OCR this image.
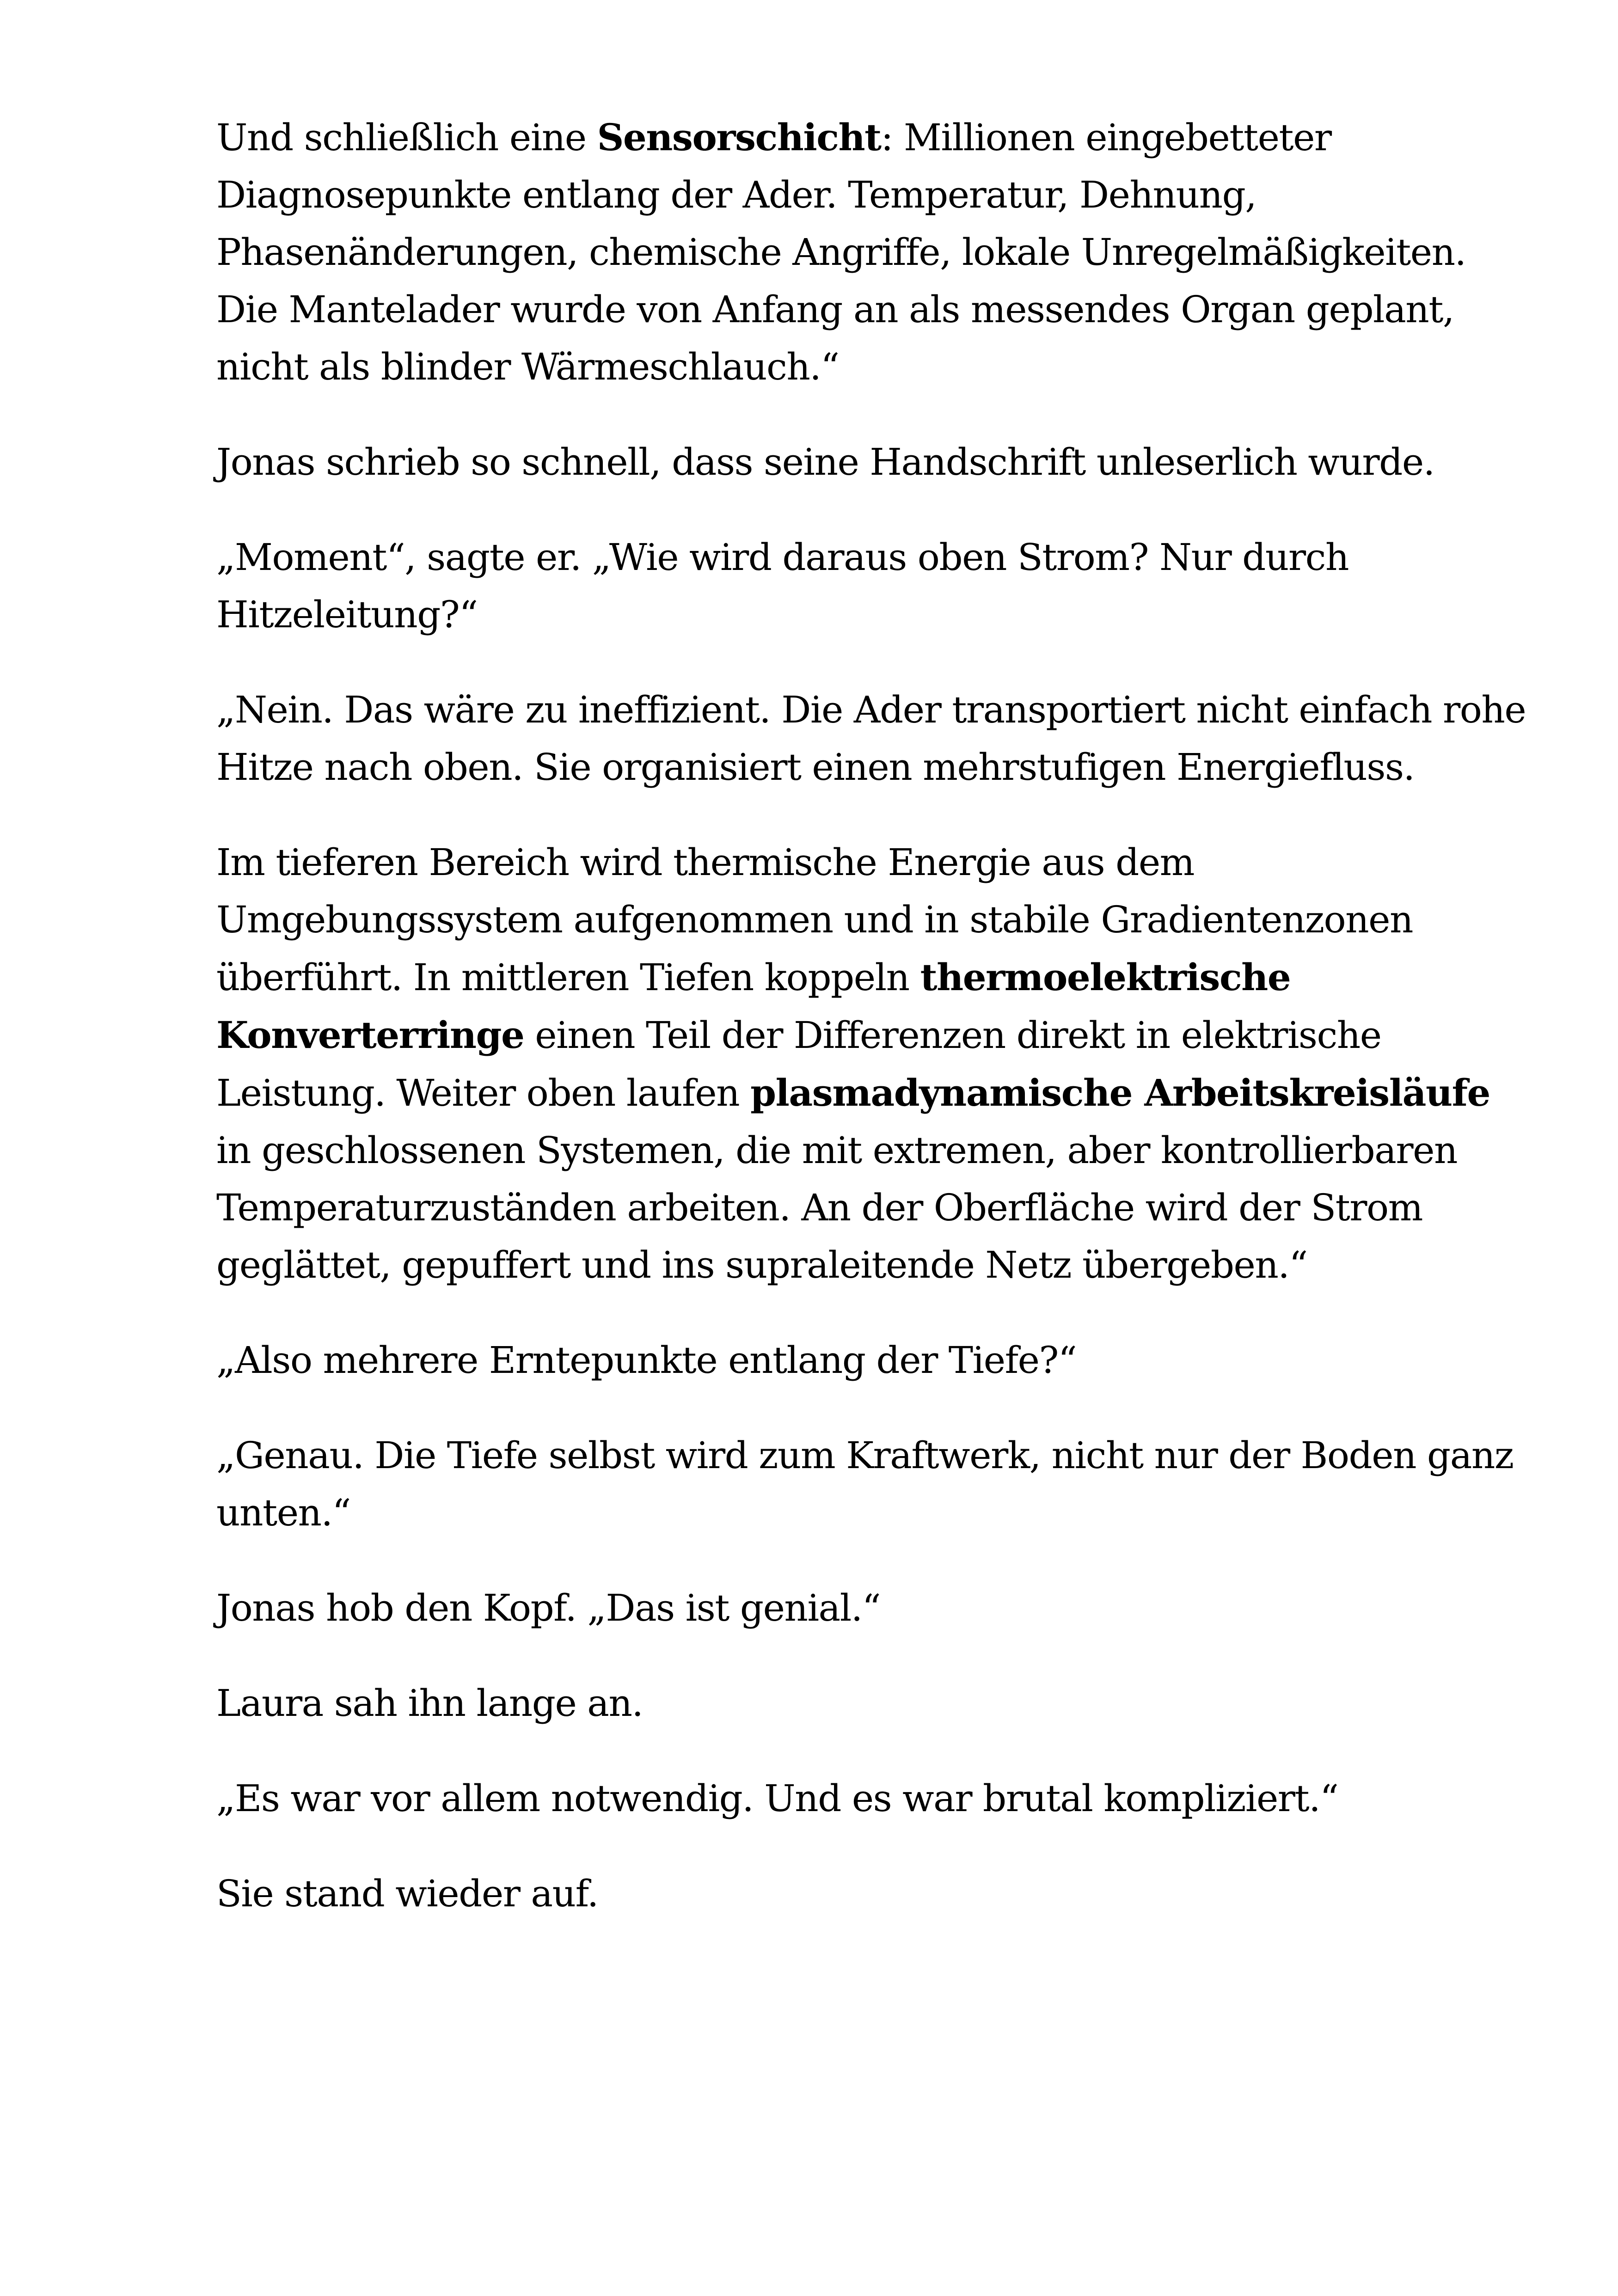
Und schließlich eine Sensorschicht: Millionen eingebetteter Diagnosepunkte entlang der Ader. Temperatur, Dehnung, Phasenänderungen, chemische Angriffe, lokale Unregelmäßigkeiten. Die Mantelader wurde von Anfang an als messendes Organ geplant, nicht als blinder Wärmeschlauch.“

Jonas schrieb so schnell, dass seine Handschrift unleserlich wurde.

„Moment“, sagte er. „Wie wird daraus oben Strom? Nur durch Hitzeleitung?“

„Nein. Das wäre zu ineffizient. Die Ader transportiert nicht einfach rohe Hitze nach oben. Sie organisiert einen mehrstufigen Energiefluss.

Im tieferen Bereich wird thermische Energie aus dem Umgebungssystem aufgenommen und in stabile Gradientenzonen überführt. In mittleren Tiefen koppeln thermoelektrische Konverterringe einen Teil der Differenzen direkt in elektrische Leistung. Weiter oben laufen plasmadynamische Arbeitskreisläufe in geschlossenen Systemen, die mit extremen, aber kontrollierbaren Temperaturzuständen arbeiten. An der Oberfläche wird der Strom geglättet, gepuffert und ins supraleitende Netz übergeben.“

„Also mehrere Erntepunkte entlang der Tiefe?“

„Genau. Die Tiefe selbst wird zum Kraftwerk, nicht nur der Boden ganz unten.“

Jonas hob den Kopf. „Das ist genial.“

Laura sah ihn lange an.

„Es war vor allem notwendig. Und es war brutal kompliziert.“

Sie stand wieder auf.
